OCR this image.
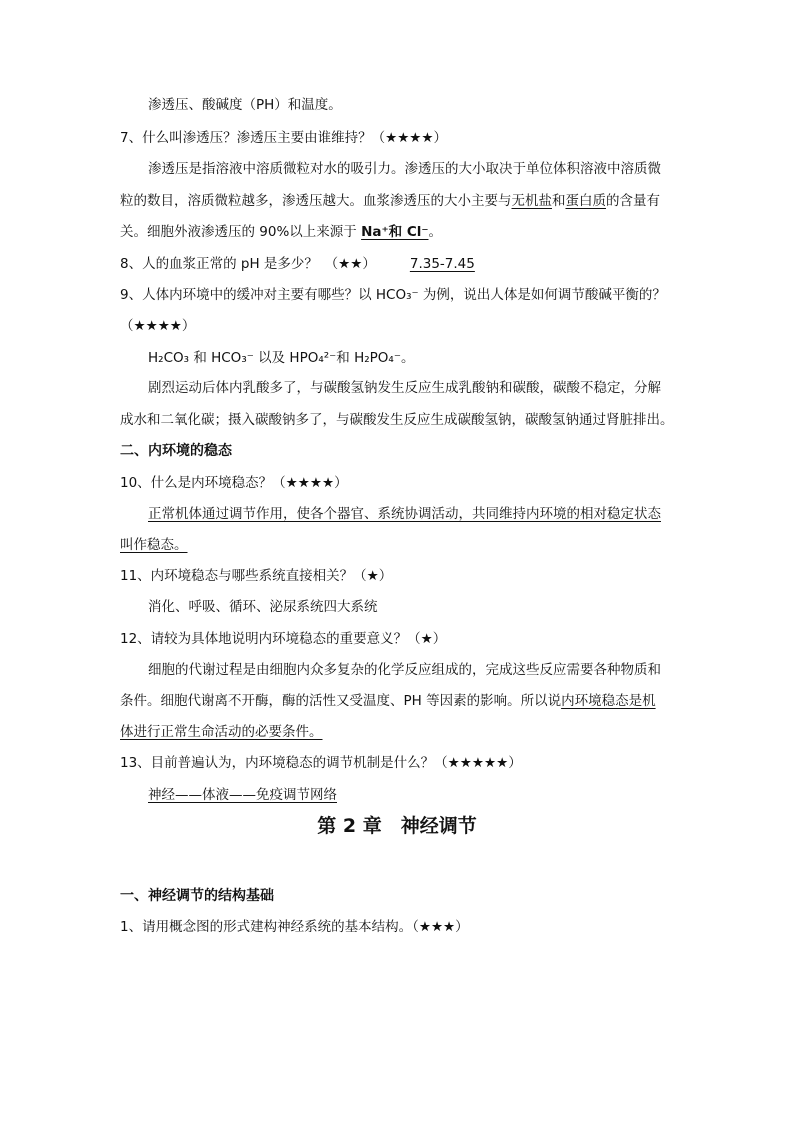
渗透压、酸碱度（PH）和温度。
7、什么叫渗透压？渗透压主要由谁维持？（★★★★）
渗透压是指溶液中溶质微粒对水的吸引力。渗透压的大小取决于单位体积溶液中溶质微
粒的数目，溶质微粒越多，渗透压越大。血浆渗透压的大小主要与无机盐和蛋白质的含量有
关。细胞外液渗透压的 90%以上来源于 Na⁺和 Cl⁻。
8、人的血浆正常的 pH 是多少？　（★★）	7.35-7.45
9、人体内环境中的缓冲对主要有哪些？以 HCO₃⁻ 为例，说出人体是如何调节酸碱平衡的？
（★★★★）
H₂CO₃ 和 HCO₃⁻ 以及 HPO₄²⁻和 H₂PO₄⁻。
剧烈运动后体内乳酸多了，与碳酸氢钠发生反应生成乳酸钠和碳酸，碳酸不稳定，分解
成水和二氧化碳；摄入碳酸钠多了，与碳酸发生反应生成碳酸氢钠，碳酸氢钠通过肾脏排出。
二、内环境的稳态
10、什么是内环境稳态？（★★★★）
正常机体通过调节作用，使各个器官、系统协调活动，共同维持内环境的相对稳定状态
叫作稳态。
11、内环境稳态与哪些系统直接相关？（★）
消化、呼吸、循环、泌尿系统四大系统
12、请较为具体地说明内环境稳态的重要意义？（★）
细胞的代谢过程是由细胞内众多复杂的化学反应组成的，完成这些反应需要各种物质和
条件。细胞代谢离不开酶，酶的活性又受温度、PH 等因素的影响。所以说内环境稳态是机
体进行正常生命活动的必要条件。
13、目前普遍认为，内环境稳态的调节机制是什么？（★★★★★）
神经——体液——免疫调节网络
第 2 章　神经调节
一、神经调节的结构基础
1、请用概念图的形式建构神经系统的基本结构。（★★★）
